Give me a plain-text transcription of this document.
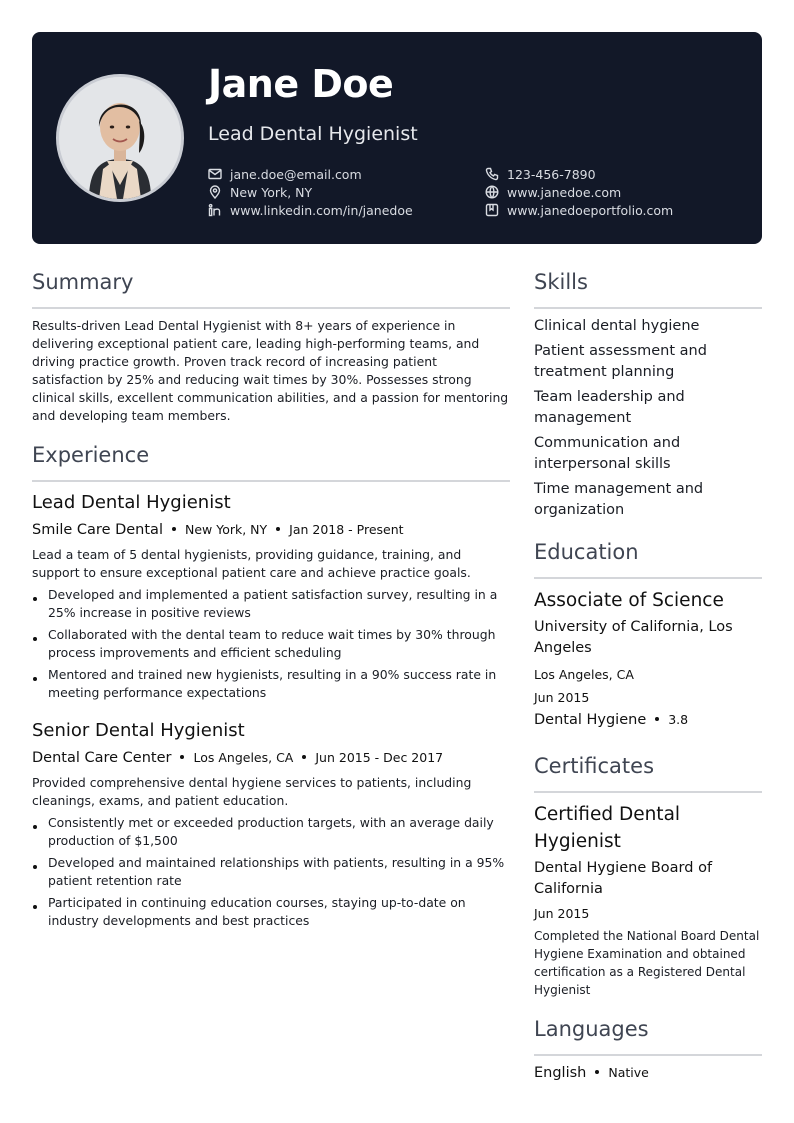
Jane Doe
Lead Dental Hygienist
jane.doe@email.com
New York, NY
www.linkedin.com/in/janedoe
123-456-7890
www.janedoe.com
www.janedoeportfolio.com
Summary
Results-driven Lead Dental Hygienist with 8+ years of experience in delivering exceptional patient care, leading high-performing teams, and driving practice growth. Proven track record of increasing patient satisfaction by 25% and reducing wait times by 30%. Possesses strong clinical skills, excellent communication abilities, and a passion for mentoring and developing team members.
Experience
Lead Dental Hygienist
Smile Care Dental New York, NY Jan 2018 - Present
Lead a team of 5 dental hygienists, providing guidance, training, and support to ensure exceptional patient care and achieve practice goals.
Developed and implemented a patient satisfaction survey, resulting in a 25% increase in positive reviews
Collaborated with the dental team to reduce wait times by 30% through process improvements and efficient scheduling
Mentored and trained new hygienists, resulting in a 90% success rate in meeting performance expectations
Senior Dental Hygienist
Dental Care Center Los Angeles, CA Jun 2015 - Dec 2017
Provided comprehensive dental hygiene services to patients, including cleanings, exams, and patient education.
Consistently met or exceeded production targets, with an average daily production of $1,500
Developed and maintained relationships with patients, resulting in a 95% patient retention rate
Participated in continuing education courses, staying up-to-date on industry developments and best practices
Skills
Clinical dental hygiene
Patient assessment and treatment planning
Team leadership and management
Communication and interpersonal skills
Time management and organization
Education
Associate of Science
University of California, Los Angeles
Los Angeles, CA
Jun 2015
Dental Hygiene 3.8
Certificates
Certified Dental Hygienist
Dental Hygiene Board of California
Jun 2015
Completed the National Board Dental Hygiene Examination and obtained certification as a Registered Dental Hygienist
Languages
English Native
